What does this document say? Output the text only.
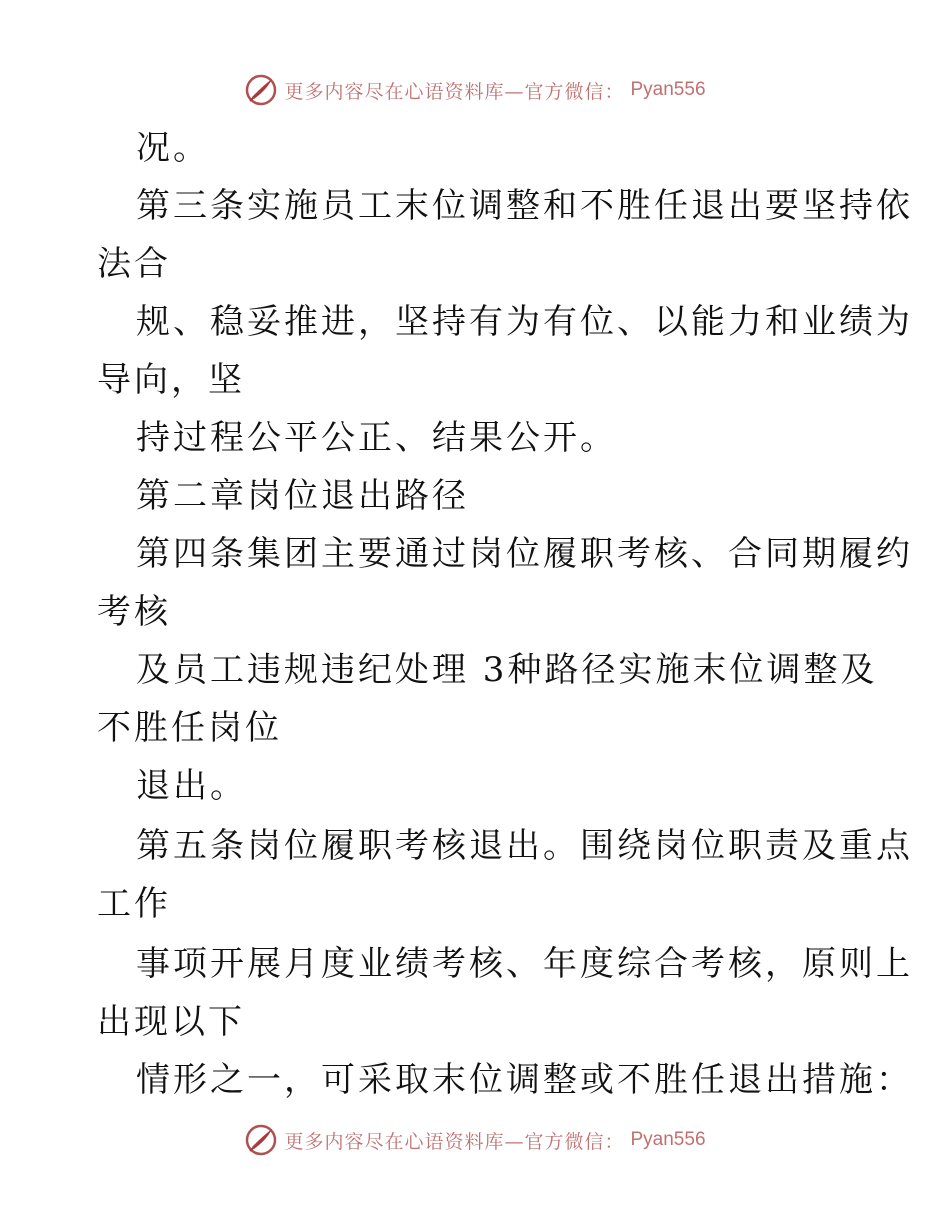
更多内容尽在心语资料库—官方微信： Pyan556
况。
第三条实施员工末位调整和不胜任退出要坚持依
法合
规、稳妥推进，坚持有为有位、以能力和业绩为
导向，坚
持过程公平公正、结果公开。
第二章岗位退出路径
第四条集团主要通过岗位履职考核、合同期履约
考核
及员工违规违纪处理 3种路径实施末位调整及
不胜任岗位
退出。
第五条岗位履职考核退出。围绕岗位职责及重点
工作
事项开展月度业绩考核、年度综合考核，原则上
出现以下
情形之一，可采取末位调整或不胜任退出措施：
更多内容尽在心语资料库—官方微信： Pyan556
